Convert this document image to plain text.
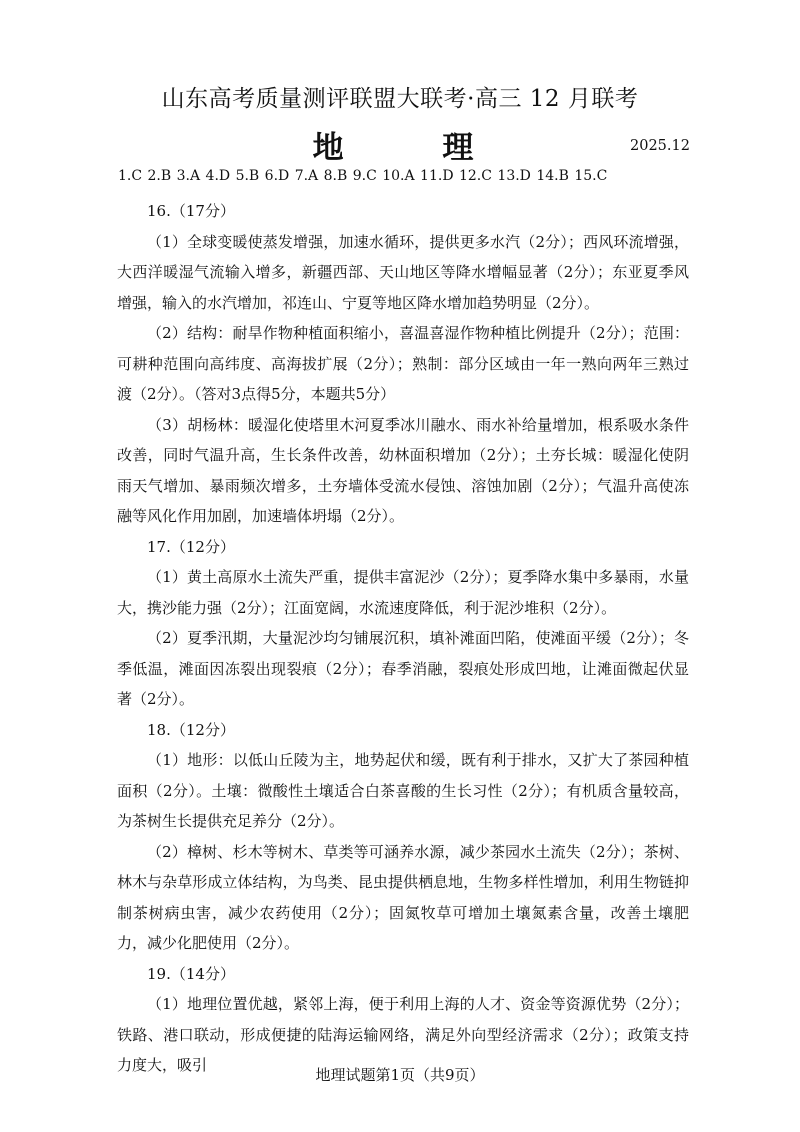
山东高考质量测评联盟大联考·高三 12 月联考
地 理	2025.12
1.C 2.B 3.A 4.D 5.B 6.D 7.A 8.B 9.C 10.A 11.D 12.C 13.D 14.B 15.C

16.（17分）

（1）全球变暖使蒸发增强，加速水循环，提供更多水汽（2分）；西风环流增强，大西洋暖湿气流输入增多，新疆西部、天山地区等降水增幅显著（2分）；东亚夏季风增强，输入的水汽增加，祁连山、宁夏等地区降水增加趋势明显（2分）。

（2）结构：耐旱作物种植面积缩小，喜温喜湿作物种植比例提升（2分）；范围：可耕种范围向高纬度、高海拔扩展（2分）；熟制：部分区域由一年一熟向两年三熟过渡（2分）。（答对3点得5分，本题共5分）

（3）胡杨林：暖湿化使塔里木河夏季冰川融水、雨水补给量增加，根系吸水条件改善，同时气温升高，生长条件改善，幼林面积增加（2分）；土夯长城：暖湿化使阴雨天气增加、暴雨频次增多，土夯墙体受流水侵蚀、溶蚀加剧（2分）；气温升高使冻融等风化作用加剧，加速墙体坍塌（2分）。

17.（12分）

（1）黄土高原水土流失严重，提供丰富泥沙（2分）；夏季降水集中多暴雨，水量大，携沙能力强（2分）；江面宽阔，水流速度降低，利于泥沙堆积（2分）。

（2）夏季汛期，大量泥沙均匀铺展沉积，填补滩面凹陷，使滩面平缓（2分）；冬季低温，滩面因冻裂出现裂痕（2分）；春季消融，裂痕处形成凹地，让滩面微起伏显著（2分）。

18.（12分）

（1）地形：以低山丘陵为主，地势起伏和缓，既有利于排水，又扩大了茶园种植面积（2分）。土壤：微酸性土壤适合白茶喜酸的生长习性（2分）；有机质含量较高，为茶树生长提供充足养分（2分）。

（2）樟树、杉木等树木、草类等可涵养水源，减少茶园水土流失（2分）；茶树、林木与杂草形成立体结构，为鸟类、昆虫提供栖息地，生物多样性增加，利用生物链抑制茶树病虫害，减少农药使用（2分）；固氮牧草可增加土壤氮素含量，改善土壤肥力，减少化肥使用（2分）。

19.（14分）

（1）地理位置优越，紧邻上海，便于利用上海的人才、资金等资源优势（2分）；铁路、港口联动，形成便捷的陆海运输网络，满足外向型经济需求（2分）；政策支持力度大，吸引

地理试题第1页（共9页）
